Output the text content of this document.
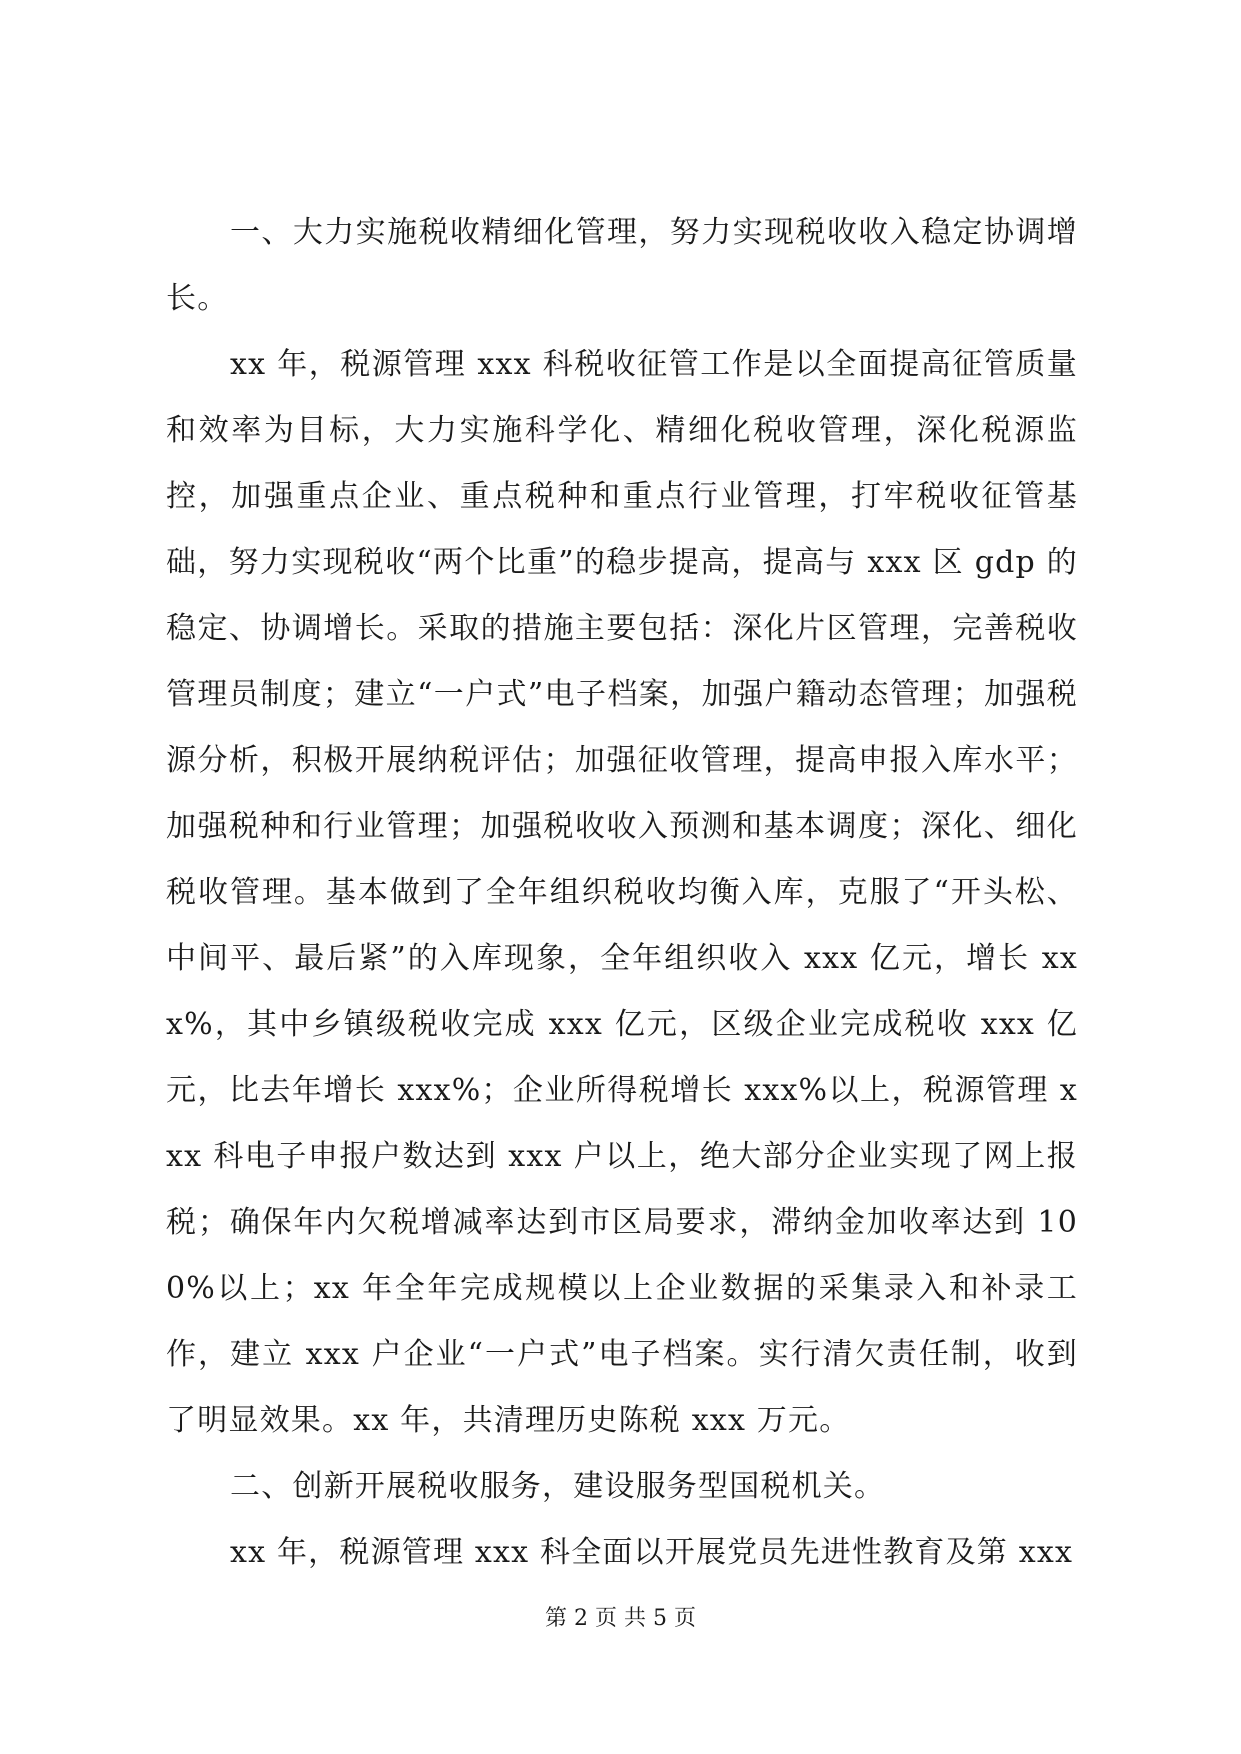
一、大力实施税收精细化管理，努力实现税收收入稳定协调增长。

xx 年，税源管理 xxx 科税收征管工作是以全面提高征管质量和效率为目标，大力实施科学化、精细化税收管理，深化税源监控，加强重点企业、重点税种和重点行业管理，打牢税收征管基础，努力实现税收“两个比重”的稳步提高，提高与 xxx 区 gdp 的稳定、协调增长。采取的措施主要包括：深化片区管理，完善税收管理员制度；建立“一户式”电子档案，加强户籍动态管理；加强税源分析，积极开展纳税评估；加强征收管理，提高申报入库水平；加强税种和行业管理；加强税收收入预测和基本调度；深化、细化税收管理。基本做到了全年组织税收均衡入库，克服了“开头松、中间平、最后紧”的入库现象，全年组织收入 xxx 亿元，增长 xxx%，其中乡镇级税收完成 xxx 亿元，区级企业完成税收 xxx 亿元，比去年增长 xxx%；企业所得税增长 xxx%以上，税源管理 xxx 科电子申报户数达到 xxx 户以上，绝大部分企业实现了网上报税；确保年内欠税增减率达到市区局要求，滞纳金加收率达到 100%以上；xx 年全年完成规模以上企业数据的采集录入和补录工作，建立 xxx 户企业“一户式”电子档案。实行清欠责任制，收到了明显效果。xx 年，共清理历史陈税 xxx 万元。

二、创新开展税收服务，建设服务型国税机关。

xx 年，税源管理 xxx 科全面以开展党员先进性教育及第 xxx

第 2 页 共 5 页
